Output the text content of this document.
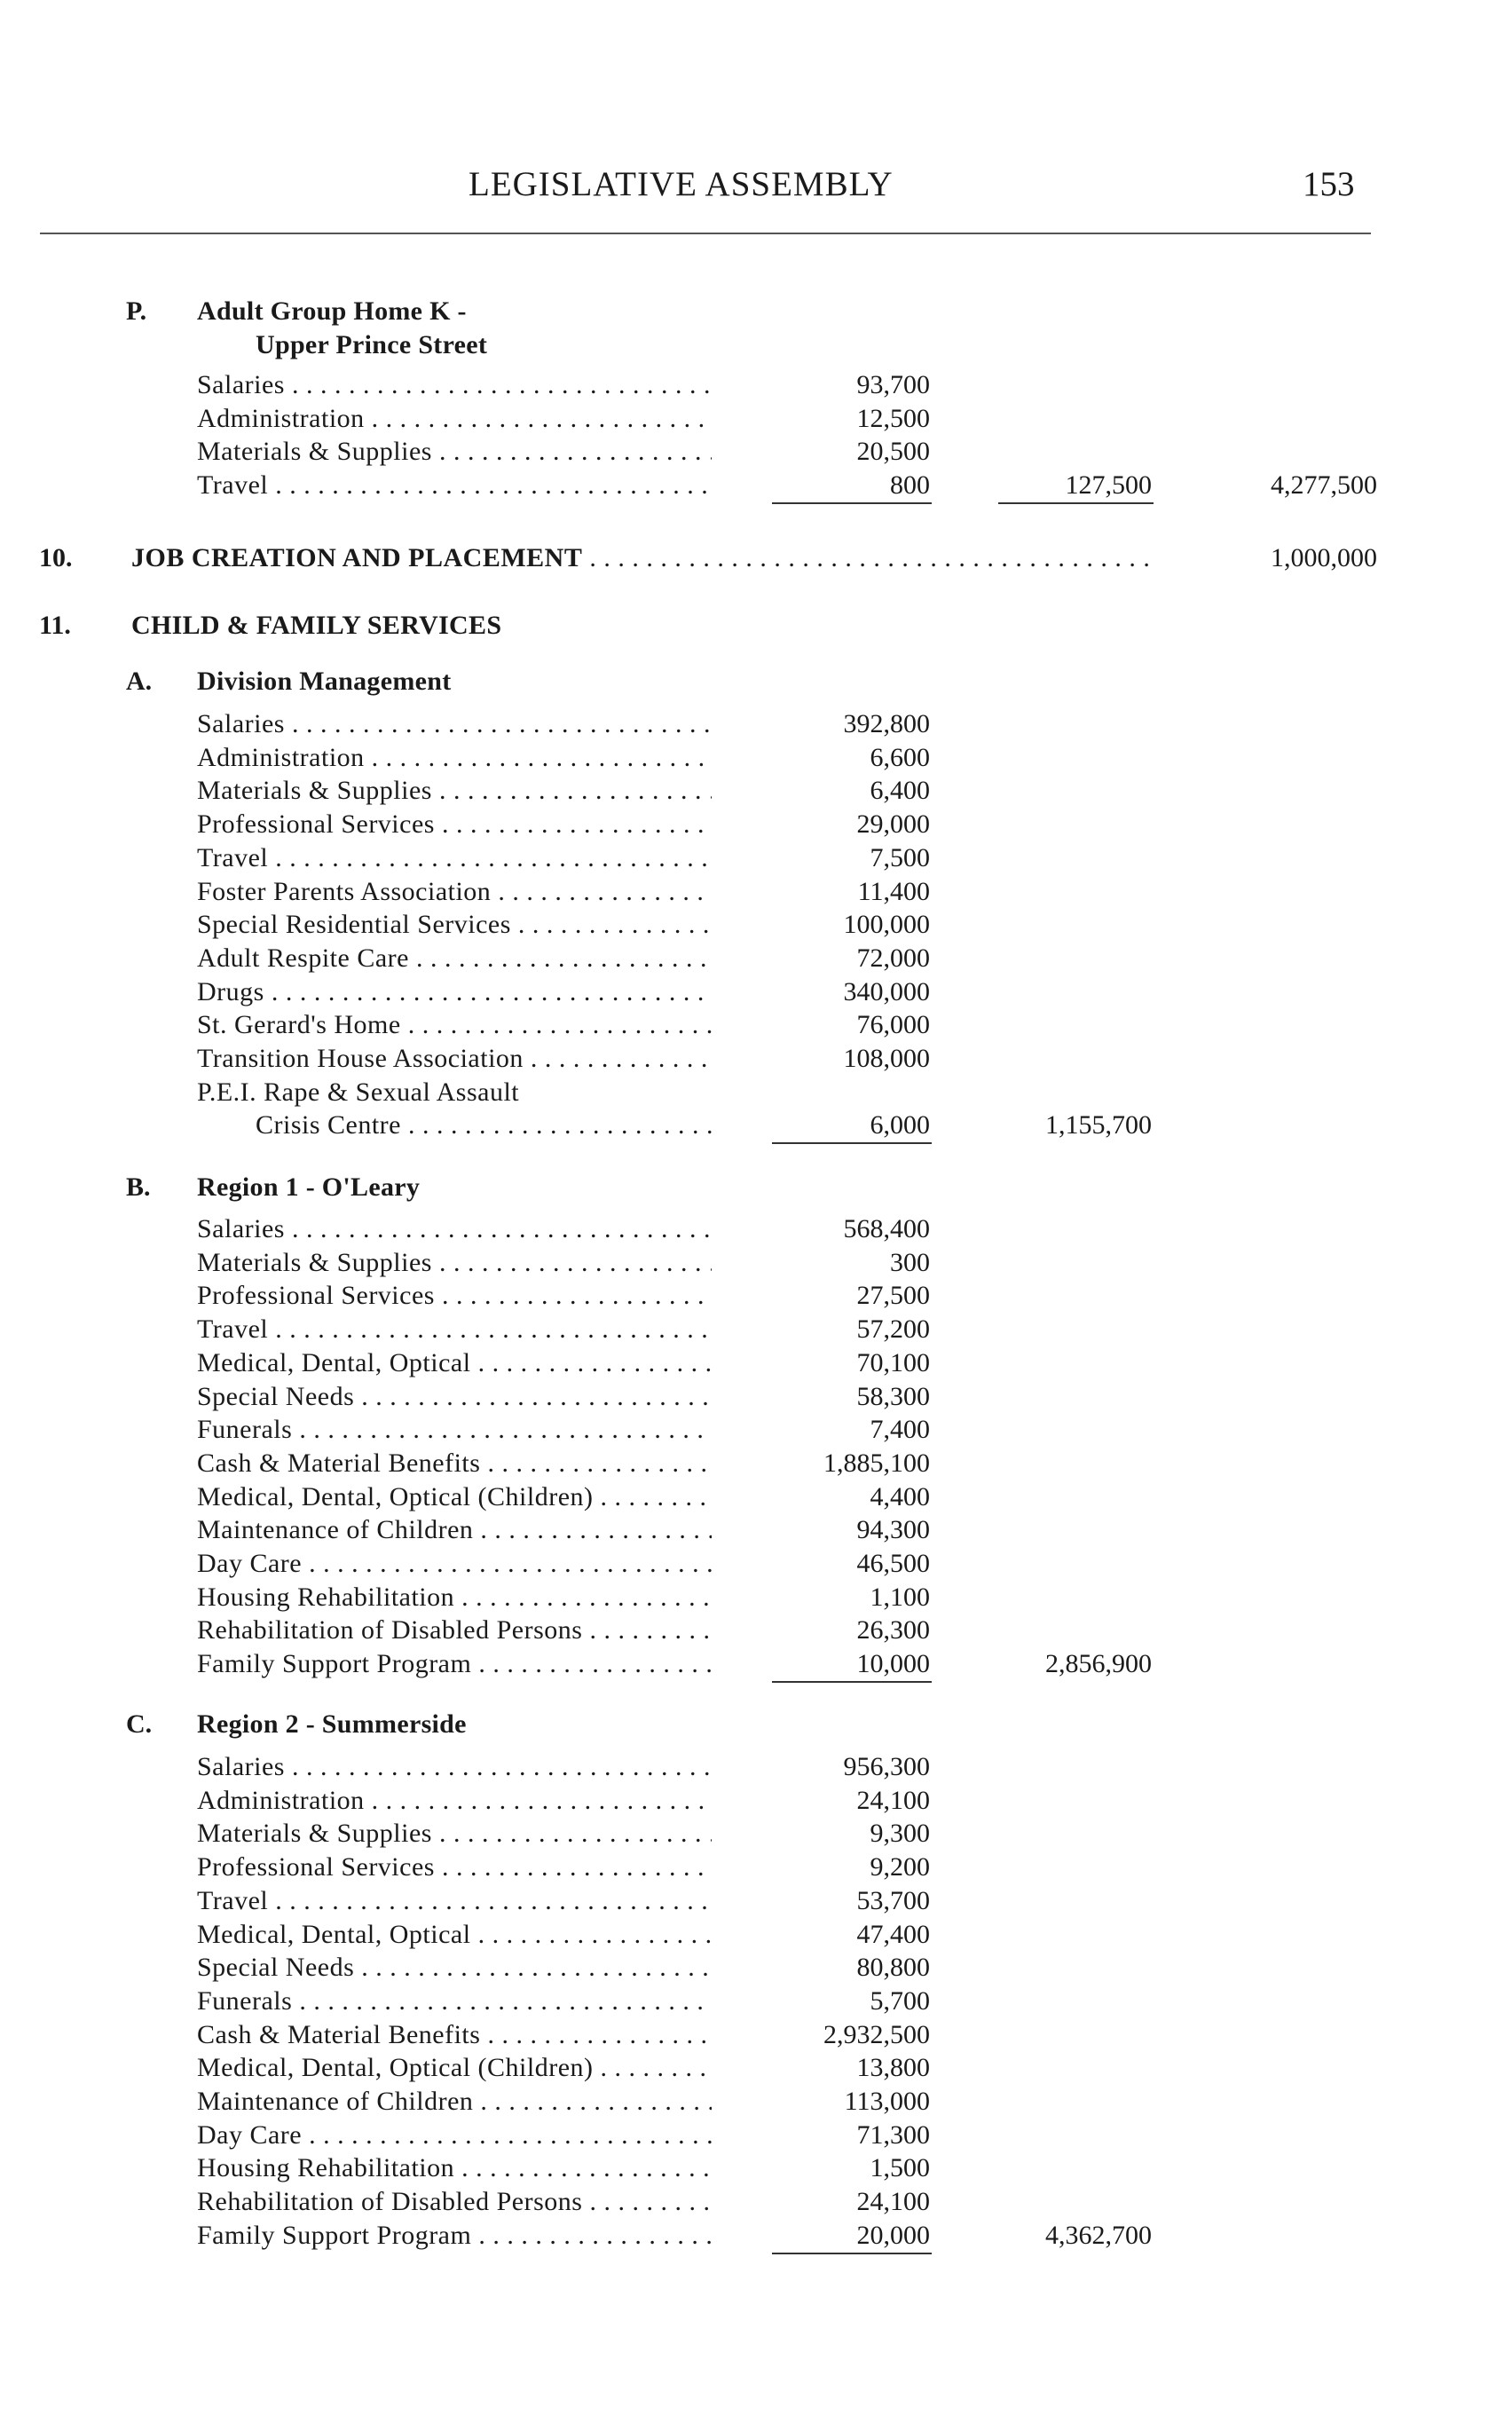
LEGISLATIVE ASSEMBLY	153
P. Adult Group Home K -
Upper Prince Street
Salaries . . .	93,700
Administration . . .	12,500
Materials & Supplies . . .	20,500
Travel . . .	800	127,500	4,277,500
10. JOB CREATION AND PLACEMENT . . .	1,000,000
11. CHILD & FAMILY SERVICES
A. Division Management
Salaries . . .	392,800
Administration . . .	6,600
Materials & Supplies . . .	6,400
Professional Services . . .	29,000
Travel . . .	7,500
Foster Parents Association . . .	11,400
Special Residential Services . . .	100,000
Adult Respite Care . . .	72,000
Drugs . . .	340,000
St. Gerard's Home . . .	76,000
Transition House Association . . .	108,000
P.E.I. Rape & Sexual Assault
Crisis Centre . . .	6,000	1,155,700
B. Region 1 - O'Leary
Salaries . . .	568,400
Materials & Supplies . . .	300
Professional Services . . .	27,500
Travel . . .	57,200
Medical, Dental, Optical . . .	70,100
Special Needs . . .	58,300
Funerals . . .	7,400
Cash & Material Benefits . . .	1,885,100
Medical, Dental, Optical (Children) . . .	4,400
Maintenance of Children . . .	94,300
Day Care . . .	46,500
Housing Rehabilitation . . .	1,100
Rehabilitation of Disabled Persons . . .	26,300
Family Support Program . . .	10,000	2,856,900
C. Region 2 - Summerside
Salaries . . .	956,300
Administration . . .	24,100
Materials & Supplies . . .	9,300
Professional Services . . .	9,200
Travel . . .	53,700
Medical, Dental, Optical . . .	47,400
Special Needs . . .	80,800
Funerals . . .	5,700
Cash & Material Benefits . . .	2,932,500
Medical, Dental, Optical (Children) . . .	13,800
Maintenance of Children . . .	113,000
Day Care . . .	71,300
Housing Rehabilitation . . .	1,500
Rehabilitation of Disabled Persons . . .	24,100
Family Support Program . . .	20,000	4,362,700
